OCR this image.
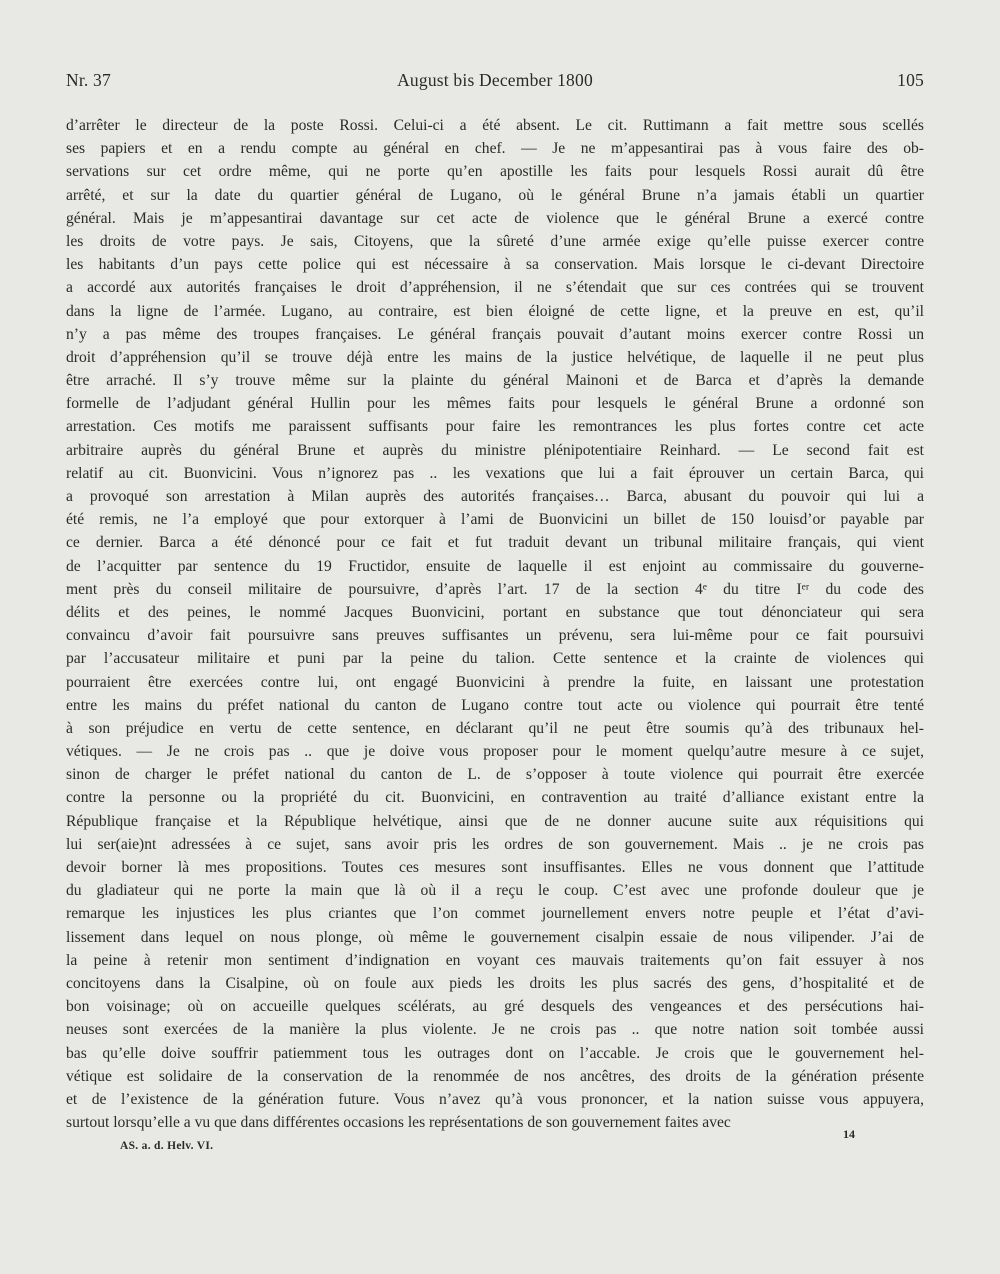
Nr. 37	August bis December 1800	105
d’arrêter le directeur de la poste Rossi. Celui-ci a été absent. Le cit. Ruttimann a fait mettre sous scellés
ses papiers et en a rendu compte au général en chef. — Je ne m’appesantirai pas à vous faire des ob-
servations sur cet ordre même, qui ne porte qu’en apostille les faits pour lesquels Rossi aurait dû être
arrêté, et sur la date du quartier général de Lugano, où le général Brune n’a jamais établi un quartier
général. Mais je m’appesantirai davantage sur cet acte de violence que le général Brune a exercé contre
les droits de votre pays. Je sais, Citoyens, que la sûreté d’une armée exige qu’elle puisse exercer contre
les habitants d’un pays cette police qui est nécessaire à sa conservation. Mais lorsque le ci-devant Directoire
a accordé aux autorités françaises le droit d’appréhension, il ne s’étendait que sur ces contrées qui se trouvent
dans la ligne de l’armée. Lugano, au contraire, est bien éloigné de cette ligne, et la preuve en est, qu’il
n’y a pas même des troupes françaises. Le général français pouvait d’autant moins exercer contre Rossi un
droit d’appréhension qu’il se trouve déjà entre les mains de la justice helvétique, de laquelle il ne peut plus
être arraché. Il s’y trouve même sur la plainte du général Mainoni et de Barca et d’après la demande
formelle de l’adjudant général Hullin pour les mêmes faits pour lesquels le général Brune a ordonné son
arrestation. Ces motifs me paraissent suffisants pour faire les remontrances les plus fortes contre cet acte
arbitraire auprès du général Brune et auprès du ministre plénipotentiaire Reinhard. — Le second fait est
relatif au cit. Buonvicini. Vous n’ignorez pas .. les vexations que lui a fait éprouver un certain Barca, qui
a provoqué son arrestation à Milan auprès des autorités françaises… Barca, abusant du pouvoir qui lui a
été remis, ne l’a employé que pour extorquer à l’ami de Buonvicini un billet de 150 louisd’or payable par
ce dernier. Barca a été dénoncé pour ce fait et fut traduit devant un tribunal militaire français, qui vient
de l’acquitter par sentence du 19 Fructidor, ensuite de laquelle il est enjoint au commissaire du gouverne-
ment près du conseil militaire de poursuivre, d’après l’art. 17 de la section 4ᵉ du titre Iᵉʳ du code des
délits et des peines, le nommé Jacques Buonvicini, portant en substance que tout dénonciateur qui sera
convaincu d’avoir fait poursuivre sans preuves suffisantes un prévenu, sera lui-même pour ce fait poursuivi
par l’accusateur militaire et puni par la peine du talion. Cette sentence et la crainte de violences qui
pourraient être exercées contre lui, ont engagé Buonvicini à prendre la fuite, en laissant une protestation
entre les mains du préfet national du canton de Lugano contre tout acte ou violence qui pourrait être tenté
à son préjudice en vertu de cette sentence, en déclarant qu’il ne peut être soumis qu’à des tribunaux hel-
vétiques. — Je ne crois pas .. que je doive vous proposer pour le moment quelqu’autre mesure à ce sujet,
sinon de charger le préfet national du canton de L. de s’opposer à toute violence qui pourrait être exercée
contre la personne ou la propriété du cit. Buonvicini, en contravention au traité d’alliance existant entre la
République française et la République helvétique, ainsi que de ne donner aucune suite aux réquisitions qui
lui ser(aie)nt adressées à ce sujet, sans avoir pris les ordres de son gouvernement. Mais .. je ne crois pas
devoir borner là mes propositions. Toutes ces mesures sont insuffisantes. Elles ne vous donnent que l’attitude
du gladiateur qui ne porte la main que là où il a reçu le coup. C’est avec une profonde douleur que je
remarque les injustices les plus criantes que l’on commet journellement envers notre peuple et l’état d’avi-
lissement dans lequel on nous plonge, où même le gouvernement cisalpin essaie de nous vilipender. J’ai de
la peine à retenir mon sentiment d’indignation en voyant ces mauvais traitements qu’on fait essuyer à nos
concitoyens dans la Cisalpine, où on foule aux pieds les droits les plus sacrés des gens, d’hospitalité et de
bon voisinage; où on accueille quelques scélérats, au gré desquels des vengeances et des persécutions hai-
neuses sont exercées de la manière la plus violente. Je ne crois pas .. que notre nation soit tombée aussi
bas qu’elle doive souffrir patiemment tous les outrages dont on l’accable. Je crois que le gouvernement hel-
vétique est solidaire de la conservation de la renommée de nos ancêtres, des droits de la génération présente
et de l’existence de la génération future. Vous n’avez qu’à vous prononcer, et la nation suisse vous appuyera,
surtout lorsqu’elle a vu que dans différentes occasions les représentations de son gouvernement faites avec
AS. a. d. Helv. VI.
14
